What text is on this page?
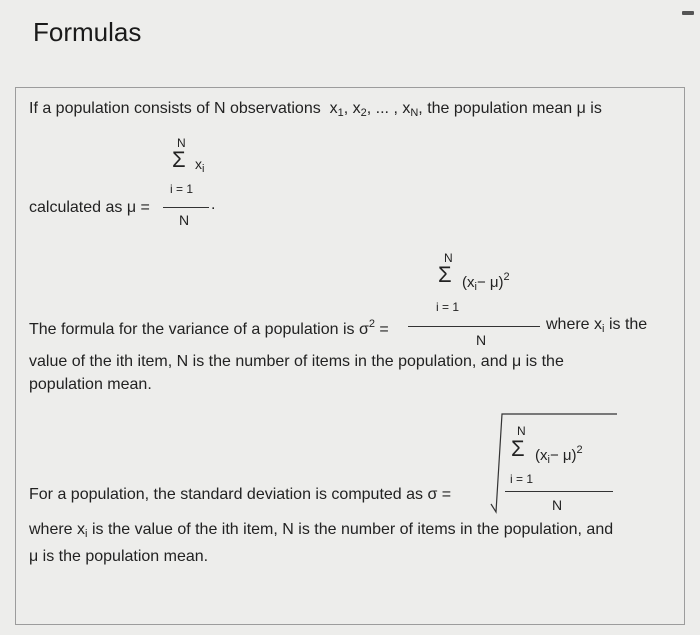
Formulas
If a population consists of N observations $x_1$, $x_2$, ... , $x_N$, the population mean μ is
N
Σ $x_i$
i = 1
calculated as μ =	.
N
N
Σ $(x_i- \mu)^2$
i = 1
The formula for the variance of a population is $\sigma^2$ =	where $x_i$ is the
N
value of the ith item, N is the number of items in the population, and μ is the
population mean.
N
Σ $(x_i- \mu)^2$
i = 1
For a population, the standard deviation is computed as σ =
N
where $x_i$ is the value of the ith item, N is the number of items in the population, and
μ is the population mean.
